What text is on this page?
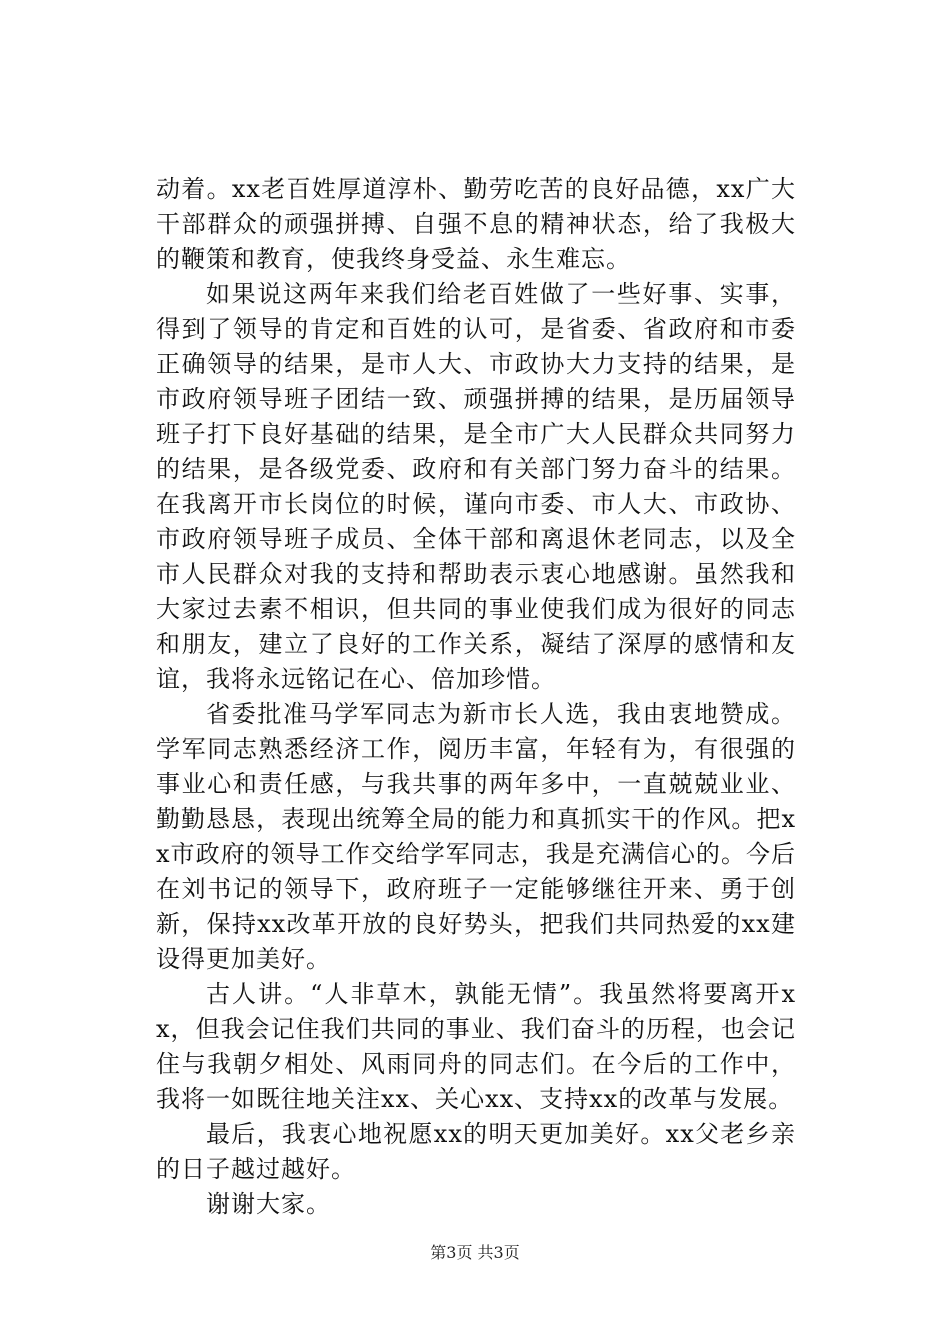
动着。xx老百姓厚道淳朴、勤劳吃苦的良好品德，xx广大干部群众的顽强拼搏、自强不息的精神状态，给了我极大的鞭策和教育，使我终身受益、永生难忘。

如果说这两年来我们给老百姓做了一些好事、实事，得到了领导的肯定和百姓的认可，是省委、省政府和市委正确领导的结果，是市人大、市政协大力支持的结果，是市政府领导班子团结一致、顽强拼搏的结果，是历届领导班子打下良好基础的结果，是全市广大人民群众共同努力的结果，是各级党委、政府和有关部门努力奋斗的结果。在我离开市长岗位的时候，谨向市委、市人大、市政协、市政府领导班子成员、全体干部和离退休老同志，以及全市人民群众对我的支持和帮助表示衷心地感谢。虽然我和大家过去素不相识，但共同的事业使我们成为很好的同志和朋友，建立了良好的工作关系，凝结了深厚的感情和友谊，我将永远铭记在心、倍加珍惜。

省委批准马学军同志为新市长人选，我由衷地赞成。学军同志熟悉经济工作，阅历丰富，年轻有为，有很强的事业心和责任感，与我共事的两年多中，一直兢兢业业、勤勤恳恳，表现出统筹全局的能力和真抓实干的作风。把xx市政府的领导工作交给学军同志，我是充满信心的。今后在刘书记的领导下，政府班子一定能够继往开来、勇于创新，保持xx改革开放的良好势头，把我们共同热爱的xx建设得更加美好。

古人讲。“人非草木，孰能无情”。我虽然将要离开xx，但我会记住我们共同的事业、我们奋斗的历程，也会记住与我朝夕相处、风雨同舟的同志们。在今后的工作中，我将一如既往地关注xx、关心xx、支持xx的改革与发展。

最后，我衷心地祝愿xx的明天更加美好。xx父老乡亲的日子越过越好。

谢谢大家。

第3页 共3页
